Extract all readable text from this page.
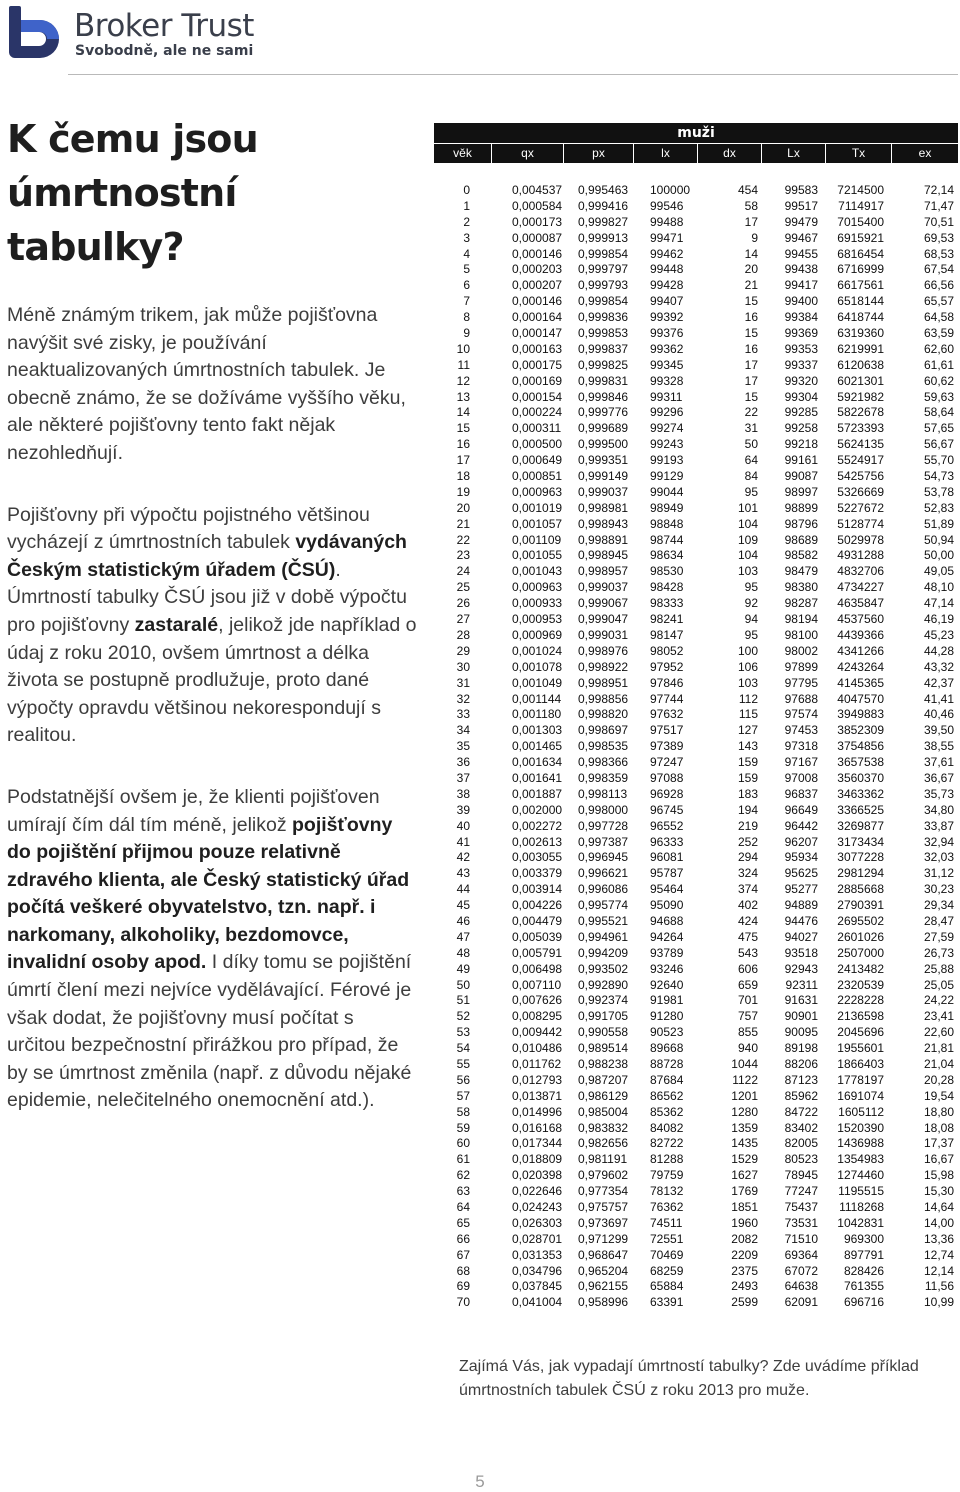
Broker Trust
Svobodně, ale ne sami
K čemu jsou úmrtnostní tabulky?

Méně známým trikem, jak může pojišťovna navýšit své zisky, je používání neaktualizovaných úmrtnostních tabulek. Je obecně známo, že se dožíváme vyššího věku, ale některé pojišťovny tento fakt nějak nezohledňují.

Pojišťovny při výpočtu pojistného většinou vycházejí z úmrtnostních tabulek vydávaných Českým statistickým úřadem (ČSÚ). Úmrtností tabulky ČSÚ jsou již v době výpočtu pro pojišťovny zastaralé, jelikož jde například o údaj z roku 2010, ovšem úmrtnost a délka života se postupně prodlužuje, proto dané výpočty opravdu většinou nekorespondují s realitou.

Podstatnější ovšem je, že klienti pojišťoven umírají čím dál tím méně, jelikož pojišťovny do pojištění přijmou pouze relativně zdravého klienta, ale Český statistický úřad počítá veškeré obyvatelstvo, tzn. např. i narkomany, alkoholiky, bezdomovce, invalidní osoby apod. I díky tomu se pojištění úmrtí člení mezi nejvíce vydělávající. Férové je však dodat, že pojišťovny musí počítat s určitou bezpečnostní přirážkou pro případ, že by se úmrtnost změnila (např. z důvodu nějaké epidemie, nelečitelného onemocnění atd.).

muži
věk	qx	px	lx	dx	Lx	Tx	ex
0	0,004537	0,995463	100000	454	99583	7214500	72,14
1	0,000584	0,999416	99546	58	99517	7114917	71,47
2	0,000173	0,999827	99488	17	99479	7015400	70,51
3	0,000087	0,999913	99471	9	99467	6915921	69,53
4	0,000146	0,999854	99462	14	99455	6816454	68,53
5	0,000203	0,999797	99448	20	99438	6716999	67,54
6	0,000207	0,999793	99428	21	99417	6617561	66,56
7	0,000146	0,999854	99407	15	99400	6518144	65,57
8	0,000164	0,999836	99392	16	99384	6418744	64,58
9	0,000147	0,999853	99376	15	99369	6319360	63,59
10	0,000163	0,999837	99362	16	99353	6219991	62,60
11	0,000175	0,999825	99345	17	99337	6120638	61,61
12	0,000169	0,999831	99328	17	99320	6021301	60,62
13	0,000154	0,999846	99311	15	99304	5921982	59,63
14	0,000224	0,999776	99296	22	99285	5822678	58,64
15	0,000311	0,999689	99274	31	99258	5723393	57,65
16	0,000500	0,999500	99243	50	99218	5624135	56,67
17	0,000649	0,999351	99193	64	99161	5524917	55,70
18	0,000851	0,999149	99129	84	99087	5425756	54,73
19	0,000963	0,999037	99044	95	98997	5326669	53,78
20	0,001019	0,998981	98949	101	98899	5227672	52,83
21	0,001057	0,998943	98848	104	98796	5128774	51,89
22	0,001109	0,998891	98744	109	98689	5029978	50,94
23	0,001055	0,998945	98634	104	98582	4931288	50,00
24	0,001043	0,998957	98530	103	98479	4832706	49,05
25	0,000963	0,999037	98428	95	98380	4734227	48,10
26	0,000933	0,999067	98333	92	98287	4635847	47,14
27	0,000953	0,999047	98241	94	98194	4537560	46,19
28	0,000969	0,999031	98147	95	98100	4439366	45,23
29	0,001024	0,998976	98052	100	98002	4341266	44,28
30	0,001078	0,998922	97952	106	97899	4243264	43,32
31	0,001049	0,998951	97846	103	97795	4145365	42,37
32	0,001144	0,998856	97744	112	97688	4047570	41,41
33	0,001180	0,998820	97632	115	97574	3949883	40,46
34	0,001303	0,998697	97517	127	97453	3852309	39,50
35	0,001465	0,998535	97389	143	97318	3754856	38,55
36	0,001634	0,998366	97247	159	97167	3657538	37,61
37	0,001641	0,998359	97088	159	97008	3560370	36,67
38	0,001887	0,998113	96928	183	96837	3463362	35,73
39	0,002000	0,998000	96745	194	96649	3366525	34,80
40	0,002272	0,997728	96552	219	96442	3269877	33,87
41	0,002613	0,997387	96333	252	96207	3173434	32,94
42	0,003055	0,996945	96081	294	95934	3077228	32,03
43	0,003379	0,996621	95787	324	95625	2981294	31,12
44	0,003914	0,996086	95464	374	95277	2885668	30,23
45	0,004226	0,995774	95090	402	94889	2790391	29,34
46	0,004479	0,995521	94688	424	94476	2695502	28,47
47	0,005039	0,994961	94264	475	94027	2601026	27,59
48	0,005791	0,994209	93789	543	93518	2507000	26,73
49	0,006498	0,993502	93246	606	92943	2413482	25,88
50	0,007110	0,992890	92640	659	92311	2320539	25,05
51	0,007626	0,992374	91981	701	91631	2228228	24,22
52	0,008295	0,991705	91280	757	90901	2136598	23,41
53	0,009442	0,990558	90523	855	90095	2045696	22,60
54	0,010486	0,989514	89668	940	89198	1955601	21,81
55	0,011762	0,988238	88728	1044	88206	1866403	21,04
56	0,012793	0,987207	87684	1122	87123	1778197	20,28
57	0,013871	0,986129	86562	1201	85962	1691074	19,54
58	0,014996	0,985004	85362	1280	84722	1605112	18,80
59	0,016168	0,983832	84082	1359	83402	1520390	18,08
60	0,017344	0,982656	82722	1435	82005	1436988	17,37
61	0,018809	0,981191	81288	1529	80523	1354983	16,67
62	0,020398	0,979602	79759	1627	78945	1274460	15,98
63	0,022646	0,977354	78132	1769	77247	1195515	15,30
64	0,024243	0,975757	76362	1851	75437	1118268	14,64
65	0,026303	0,973697	74511	1960	73531	1042831	14,00
66	0,028701	0,971299	72551	2082	71510	969300	13,36
67	0,031353	0,968647	70469	2209	69364	897791	12,74
68	0,034796	0,965204	68259	2375	67072	828426	12,14
69	0,037845	0,962155	65884	2493	64638	761355	11,56
70	0,041004	0,958996	63391	2599	62091	696716	10,99
Zajímá Vás, jak vypadají úmrtností tabulky? Zde uvádíme příklad úmrtnostních tabulek ČSÚ z roku 2013 pro muže.
5
